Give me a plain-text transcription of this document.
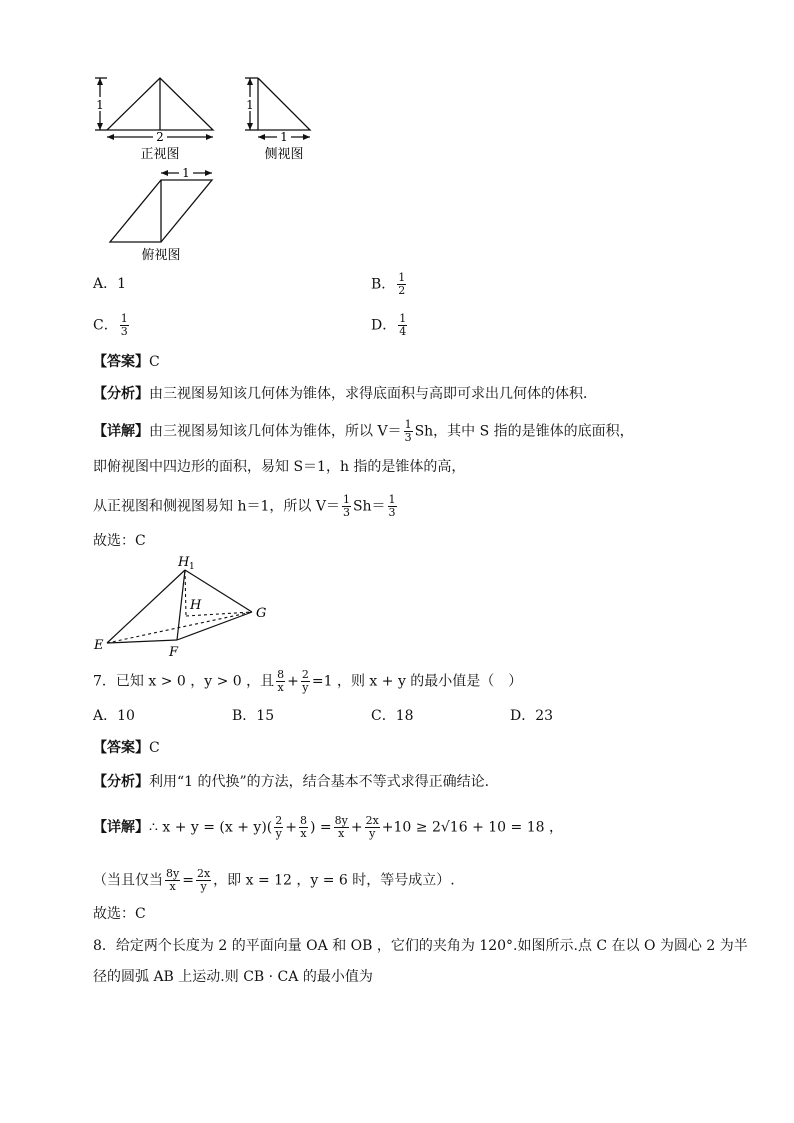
1
2
1
1
1
正视图	侧视图
俯视图
A．1	B． $\frac{1}{2}$
C． $\frac{1}{3}$	D． $\frac{1}{4}$
【答案】C
【分析】由三视图易知该几何体为锥体，求得底面积与高即可求出几何体的体积．
【详解】由三视图易知该几何体为锥体，所以 $V= \frac{1}{3}$ Sh，其中 S 指的是锥体的底面积，
即俯视图中四边形的面积，易知 S＝1，h 指的是锥体的高，
从正视图和侧视图易知 h＝1，所以 $V= \frac{1}{3} Sh= \frac{1}{3}$
故选：C
H 1
H
E	F
G
7．已知 x > 0 ，y > 0 ，且 $\frac{8}{x} + \frac{2}{y} =1$ ，则 x + y 的最小值是（　）
A．10	B．15	C．18	D．23
【答案】C
【分析】利用“1 的代换”的方法，结合基本不等式求得正确结论.
【详解】∴ $x + y = (x + y)( \frac{2}{y} + \frac{8}{x}$ ) = $\frac{8y}{x} + \frac{2x}{y} +10 \ge 2√16 + 10 = 18$ ，
（当且仅当 $\frac{8y}{x} = \frac{2x}{y}$ ，即 x = 12 ，y = 6 时，等号成立）.
故选：C
8．给定两个长度为 2 的平面向量 OA 和 OB ，它们的夹角为 120°.如图所示.点 C 在以 O 为圆心 2 为半
径的圆弧 AB 上运动.则 CB · CA 的最小值为
